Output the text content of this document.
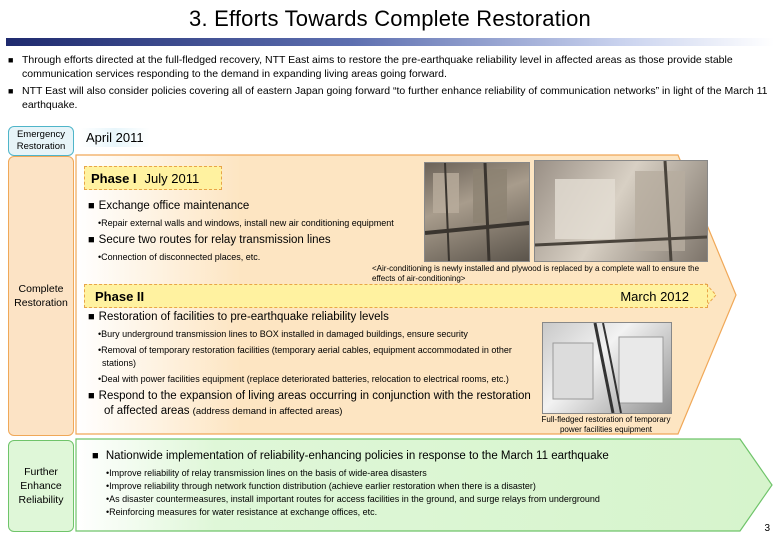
3. Efforts Towards Complete Restoration
■ Through efforts directed at the full-fledged recovery, NTT East aims to restore the pre-earthquake reliability level in affected areas as those provide stable communication services responding to the demand in expanding living areas going forward.
■ NTT East will also consider policies covering all of eastern Japan going forward “to further enhance reliability of communication networks” in light of the March 11 earthquake.
Emergency
Restoration
April 2011
Complete
Restoration
Further
Enhance
Reliability
Phase I July 2011
■ Exchange office maintenance
•Repair external walls and windows, install new air conditioning equipment
■ Secure two routes for relay transmission lines
•Connection of disconnected places, etc.
<Air-conditioning is newly installed and plywood is replaced by a complete wall to ensure the effects of air-conditioning>
Phase II	March 2012
■ Restoration of facilities to pre-earthquake reliability levels
•Bury underground transmission lines to BOX installed in damaged buildings, ensure security
•Removal of temporary restoration facilities (temporary aerial cables, equipment accommodated in other stations)
•Deal with power facilities equipment (replace deteriorated batteries, relocation to electrical rooms, etc.)
■ Respond to the expansion of living areas occurring in conjunction with the restoration of affected areas (address demand in affected areas)
Full-fledged restoration of temporary power facilities equipment
■ Nationwide implementation of reliability-enhancing policies in response to the March 11 earthquake
•Improve reliability of relay transmission lines on the basis of wide-area disasters
•Improve reliability through network function distribution (achieve earlier restoration when there is a disaster)
•As disaster countermeasures, install important routes for access facilities in the ground, and surge relays from underground
•Reinforcing measures for water resistance at exchange offices, etc.
3
